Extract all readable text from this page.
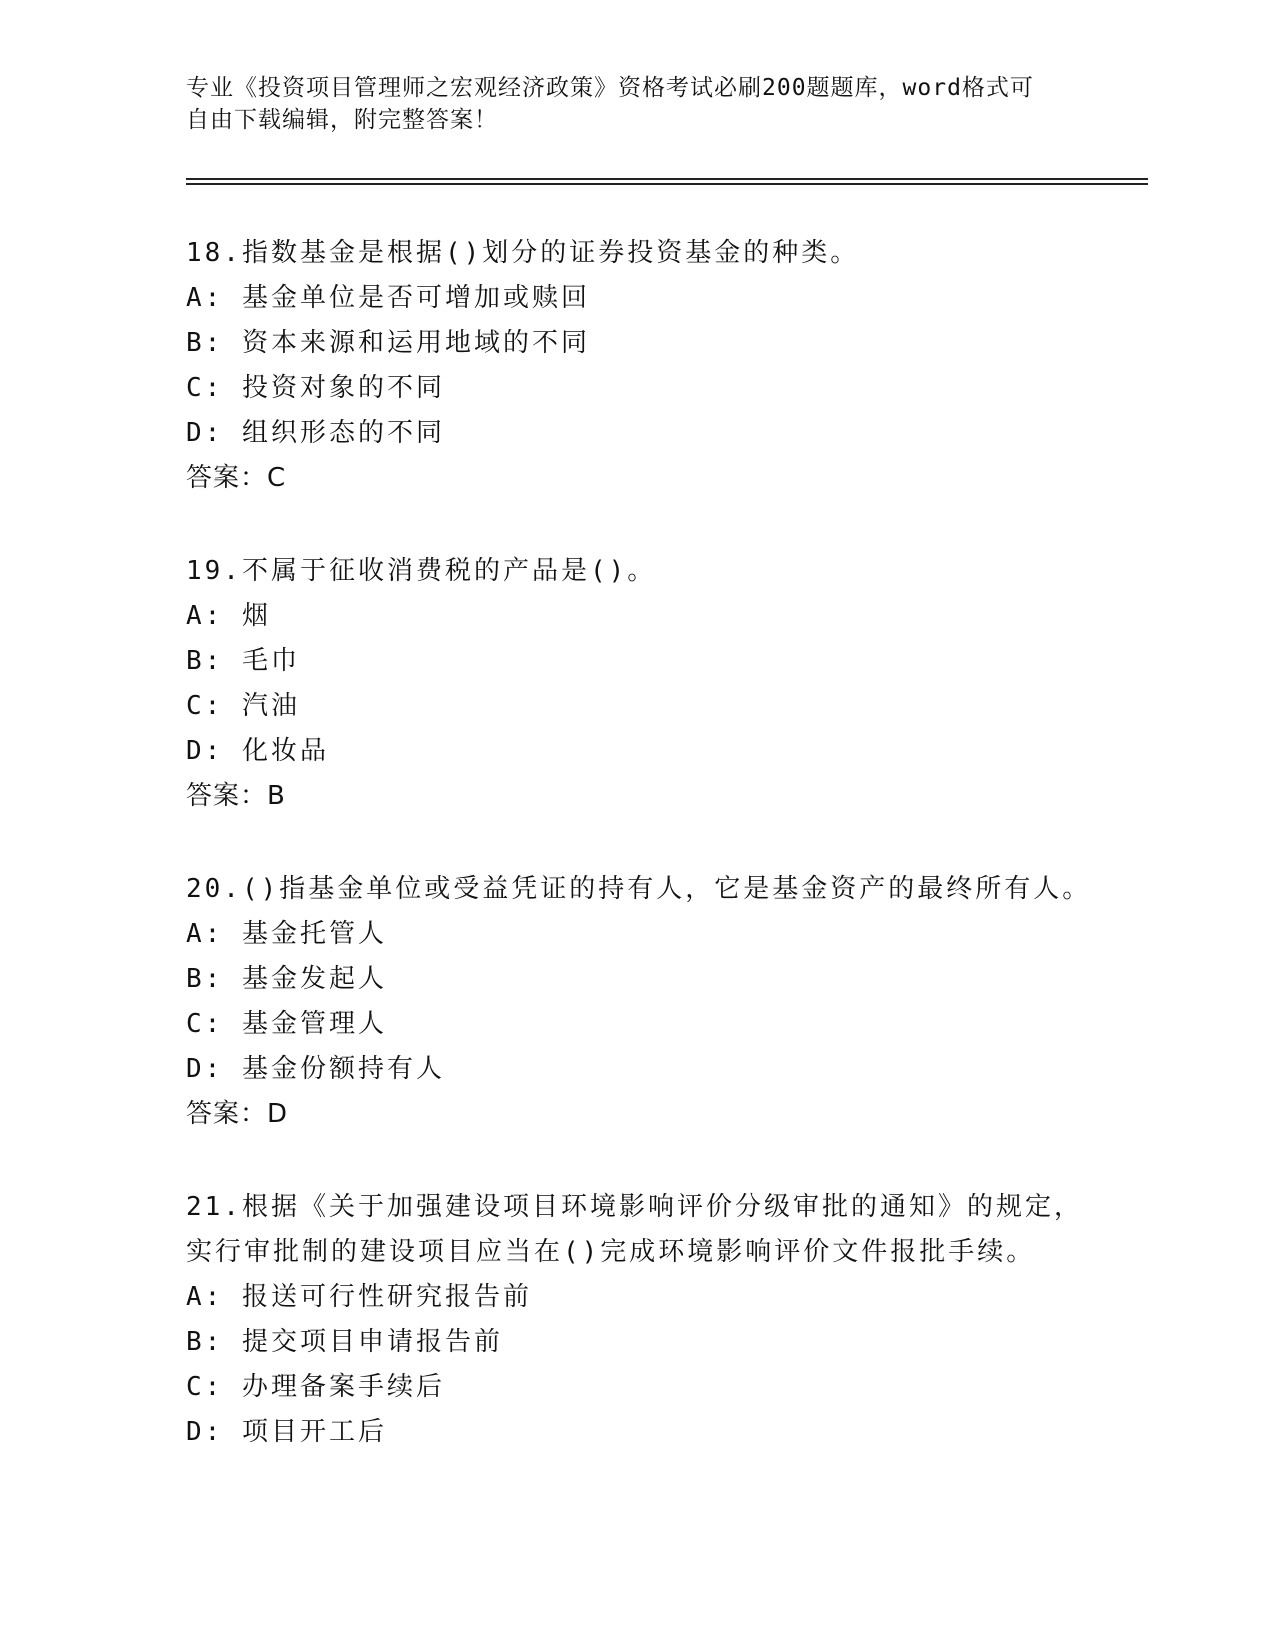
专业《投资项目管理师之宏观经济政策》资格考试必刷200题题库，word格式可
自由下载编辑，附完整答案！
18.指数基金是根据()划分的证券投资基金的种类。
A: 基金单位是否可增加或赎回
B: 资本来源和运用地域的不同
C: 投资对象的不同
D: 组织形态的不同
答案：C
19.不属于征收消费税的产品是()。
A: 烟
B: 毛巾
C: 汽油
D: 化妆品
答案：B
20.()指基金单位或受益凭证的持有人，它是基金资产的最终所有人。
A: 基金托管人
B: 基金发起人
C: 基金管理人
D: 基金份额持有人
答案：D
21.根据《关于加强建设项目环境影响评价分级审批的通知》的规定，
实行审批制的建设项目应当在()完成环境影响评价文件报批手续。
A: 报送可行性研究报告前
B: 提交项目申请报告前
C: 办理备案手续后
D: 项目开工后
